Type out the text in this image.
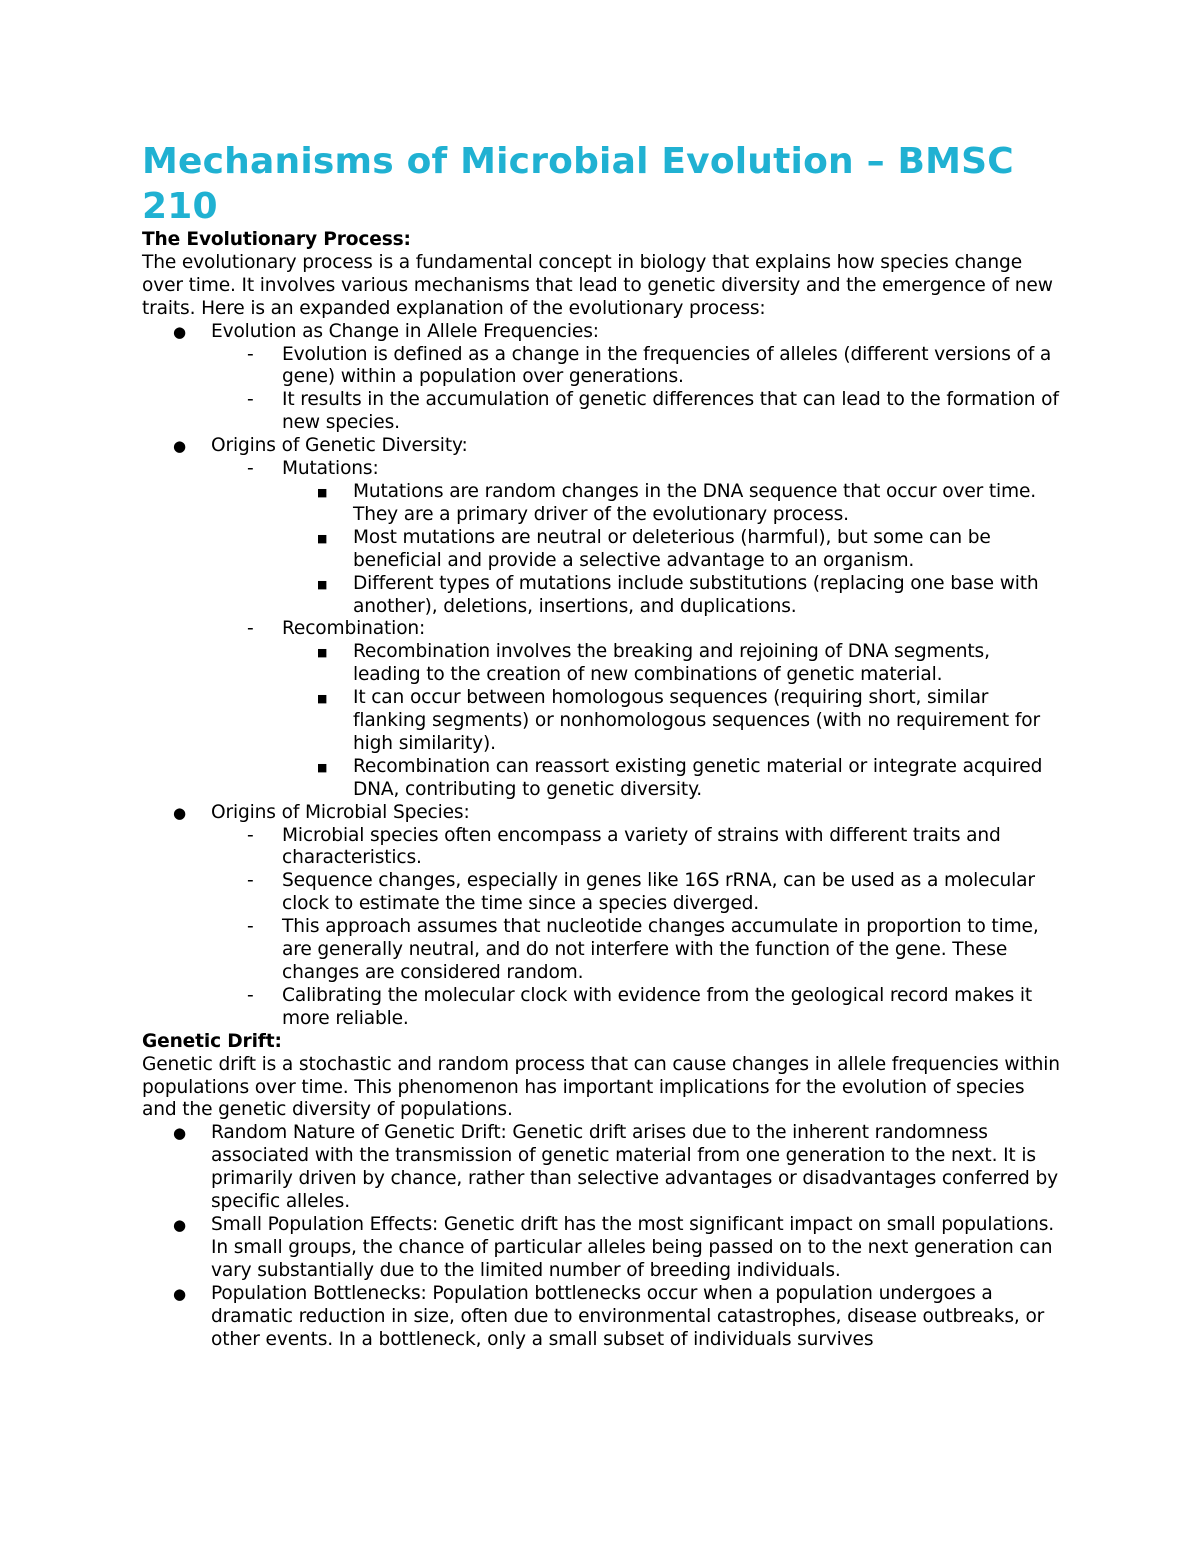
Mechanisms of Microbial Evolution – BMSC 210
The Evolutionary Process:

The evolutionary process is a fundamental concept in biology that explains how species change over time. It involves various mechanisms that lead to genetic diversity and the emergence of new traits. Here is an expanded explanation of the evolutionary process:

● Evolution as Change in Allele Frequencies:
- Evolution is defined as a change in the frequencies of alleles (different versions of a gene) within a population over generations.
- It results in the accumulation of genetic differences that can lead to the formation of new species.
● Origins of Genetic Diversity:
- Mutations:
■ Mutations are random changes in the DNA sequence that occur over time. They are a primary driver of the evolutionary process.
■ Most mutations are neutral or deleterious (harmful), but some can be beneficial and provide a selective advantage to an organism.
■ Different types of mutations include substitutions (replacing one base with another), deletions, insertions, and duplications.
- Recombination:
■ Recombination involves the breaking and rejoining of DNA segments, leading to the creation of new combinations of genetic material.
■ It can occur between homologous sequences (requiring short, similar flanking segments) or nonhomologous sequences (with no requirement for high similarity).
■ Recombination can reassort existing genetic material or integrate acquired DNA, contributing to genetic diversity.
● Origins of Microbial Species:
- Microbial species often encompass a variety of strains with different traits and characteristics.
- Sequence changes, especially in genes like 16S rRNA, can be used as a molecular clock to estimate the time since a species diverged.
- This approach assumes that nucleotide changes accumulate in proportion to time, are generally neutral, and do not interfere with the function of the gene. These changes are considered random.
- Calibrating the molecular clock with evidence from the geological record makes it more reliable.
Genetic Drift:

Genetic drift is a stochastic and random process that can cause changes in allele frequencies within populations over time. This phenomenon has important implications for the evolution of species and the genetic diversity of populations.

● Random Nature of Genetic Drift: Genetic drift arises due to the inherent randomness associated with the transmission of genetic material from one generation to the next. It is primarily driven by chance, rather than selective advantages or disadvantages conferred by specific alleles.
● Small Population Effects: Genetic drift has the most significant impact on small populations. In small groups, the chance of particular alleles being passed on to the next generation can vary substantially due to the limited number of breeding individuals.
● Population Bottlenecks: Population bottlenecks occur when a population undergoes a dramatic reduction in size, often due to environmental catastrophes, disease outbreaks, or other events. In a bottleneck, only a small subset of individuals survives
